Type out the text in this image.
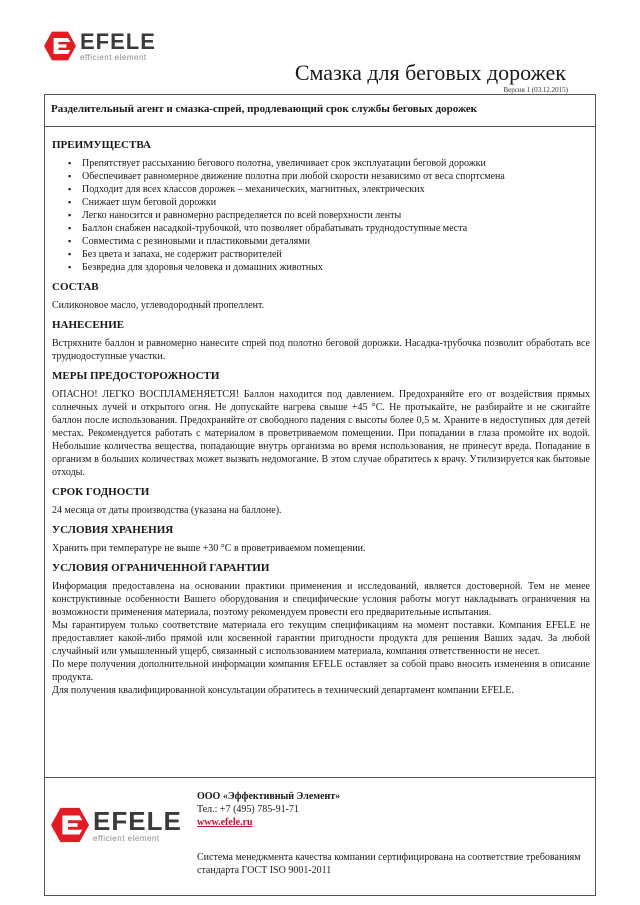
EFELE
efficient element
Смазка для беговых дорожек
Версия 1 (03.12.2015)
Разделительный агент и смазка-спрей, продлевающий срок службы беговых дорожек
ПРЕИМУЩЕСТВА
▪ Препятствует рассыханию бегового полотна, увеличивает срок эксплуатации беговой дорожки
▪ Обеспечивает равномерное движение полотна при любой скорости независимо от веса спортсмена
▪ Подходит для всех классов дорожек – механических, магнитных, электрических
▪ Снижает шум беговой дорожки
▪ Легко наносится и равномерно распределяется по всей поверхности ленты
▪ Баллон снабжен насадкой-трубочкой, что позволяет обрабатывать труднодоступные места
▪ Совместима с резиновыми и пластиковыми деталями
▪ Без цвета и запаха, не содержит растворителей
▪ Безвредна для здоровья человека и домашних животных
СОСТАВ

Силиконовое масло, углеводородный пропеллент.

НАНЕСЕНИЕ

Встряхните баллон и равномерно нанесите спрей под полотно беговой дорожки. Насадка-трубочка позволит обработать все труднодоступные участки.

МЕРЫ ПРЕДОСТОРОЖНОСТИ

ОПАСНО! ЛЕГКО ВОСПЛАМЕНЯЕТСЯ! Баллон находится под давлением. Предохраняйте его от воздействия прямых солнечных лучей и открытого огня. Не допускайте нагрева свыше +45 °С. Не протыкайте, не разбирайте и не сжигайте баллон после использования. Предохраняйте от свободного падения с высоты более 0,5 м. Храните в недоступных для детей местах. Рекомендуется работать с материалом в проветриваемом помещении. При попадании в глаза промойте их водой. Небольшие количества вещества, попадающие внутрь организма во время использования, не принесут вреда. Попадание в организм в больших количествах может вызвать недомогание. В этом случае обратитесь к врачу. Утилизируется как бытовые отходы.

СРОК ГОДНОСТИ

24 месяца от даты производства (указана на баллоне).

УСЛОВИЯ ХРАНЕНИЯ

Хранить при температуре не выше +30 °С в проветриваемом помещении.

УСЛОВИЯ ОГРАНИЧЕННОЙ ГАРАНТИИ

Информация предоставлена на основании практики применения и исследований, является достоверной. Тем не менее конструктивные особенности Вашего оборудования и специфические условия работы могут накладывать ограничения на возможности применения материала, поэтому рекомендуем провести его предварительные испытания.

Мы гарантируем только соответствие материала его текущим спецификациям на момент поставки. Компания EFELE не предоставляет какой-либо прямой или косвенной гарантии пригодности продукта для решения Ваших задач. За любой случайный или умышленный ущерб, связанный с использованием материала, компания ответственности не несет.

По мере получения дополнительной информации компания EFELE оставляет за собой право вносить изменения в описание продукта.

Для получения квалифицированной консультации обратитесь в технический департамент компании EFELE.

EFELE
efficient element
ООО «Эффективный Элемент»
Тел.: +7 (495) 785-91-71
www.efele.ru
Система менеджмента качества компании сертифицирована на соответствие требованиям стандарта ГОСТ ISO 9001-2011
